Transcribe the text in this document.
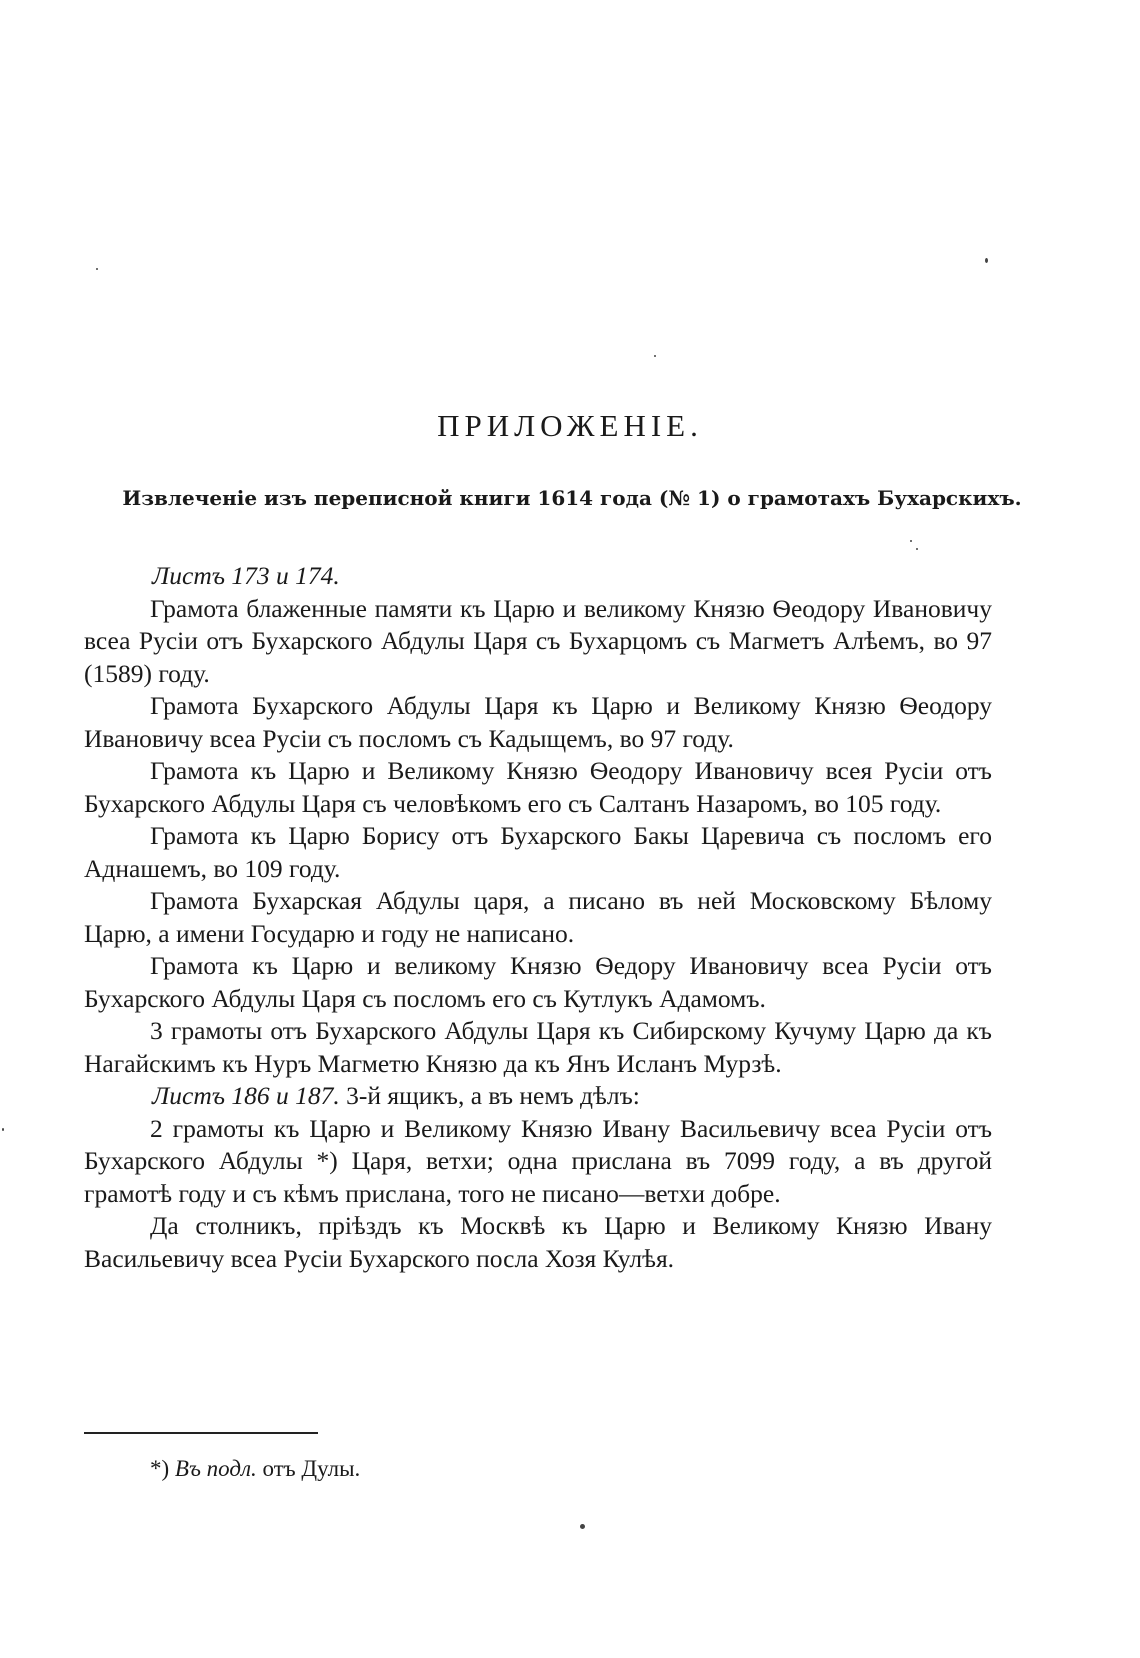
ПРИЛОЖЕНІЕ.
Извлеченіе изъ переписной книги 1614 года (№ 1) о грамотахъ Бухарскихъ.

Листъ 173 и 174.

Грамота блаженные памяти къ Царю и великому Князю Ѳеодору Ивановичу всеа Русіи отъ Бухарского Абдулы Царя съ Бухарцомъ съ Магметъ Алѣемъ, во 97 (1589) году.

Грамота Бухарского Абдулы Царя къ Царю и Великому Князю Ѳеодору Ивановичу всеа Русіи съ посломъ съ Кадыщемъ, во 97 году.

Грамота къ Царю и Великому Князю Ѳеодору Ивановичу всея Русіи отъ Бухарского Абдулы Царя съ человѣкомъ его съ Салтанъ Назаромъ, во 105 году.

Грамота къ Царю Борису отъ Бухарского Бакы Царевича съ посломъ его Аднашемъ, во 109 году.

Грамота Бухарская Абдулы царя, а писано въ ней Московскому Бѣлому Царю, а имени Государю и году не написано.

Грамота къ Царю и великому Князю Ѳедору Ивановичу всеа Русіи отъ Бухарского Абдулы Царя съ посломъ его съ Кутлукъ Адамомъ.

3 грамоты отъ Бухарского Абдулы Царя къ Сибирскому Кучуму Царю да къ Нагайскимъ къ Нуръ Магметю Князю да къ Янъ Исланъ Мурзѣ.

Листъ 186 и 187. 3-й ящикъ, а въ немъ дѣлъ:

2 грамоты къ Царю и Великому Князю Ивану Васильевичу всеа Русіи отъ Бухарского Абдулы *) Царя, ветхи; одна прислана въ 7099 году, а въ другой грамотѣ году и съ кѣмъ прислана, того не писано—ветхи добре.

Да столникъ, пріѣздъ къ Москвѣ къ Царю и Великому Князю Ивану Васильевичу всеа Русіи Бухарского посла Хозя Кулѣя.

*) Въ подл. отъ Дулы.
